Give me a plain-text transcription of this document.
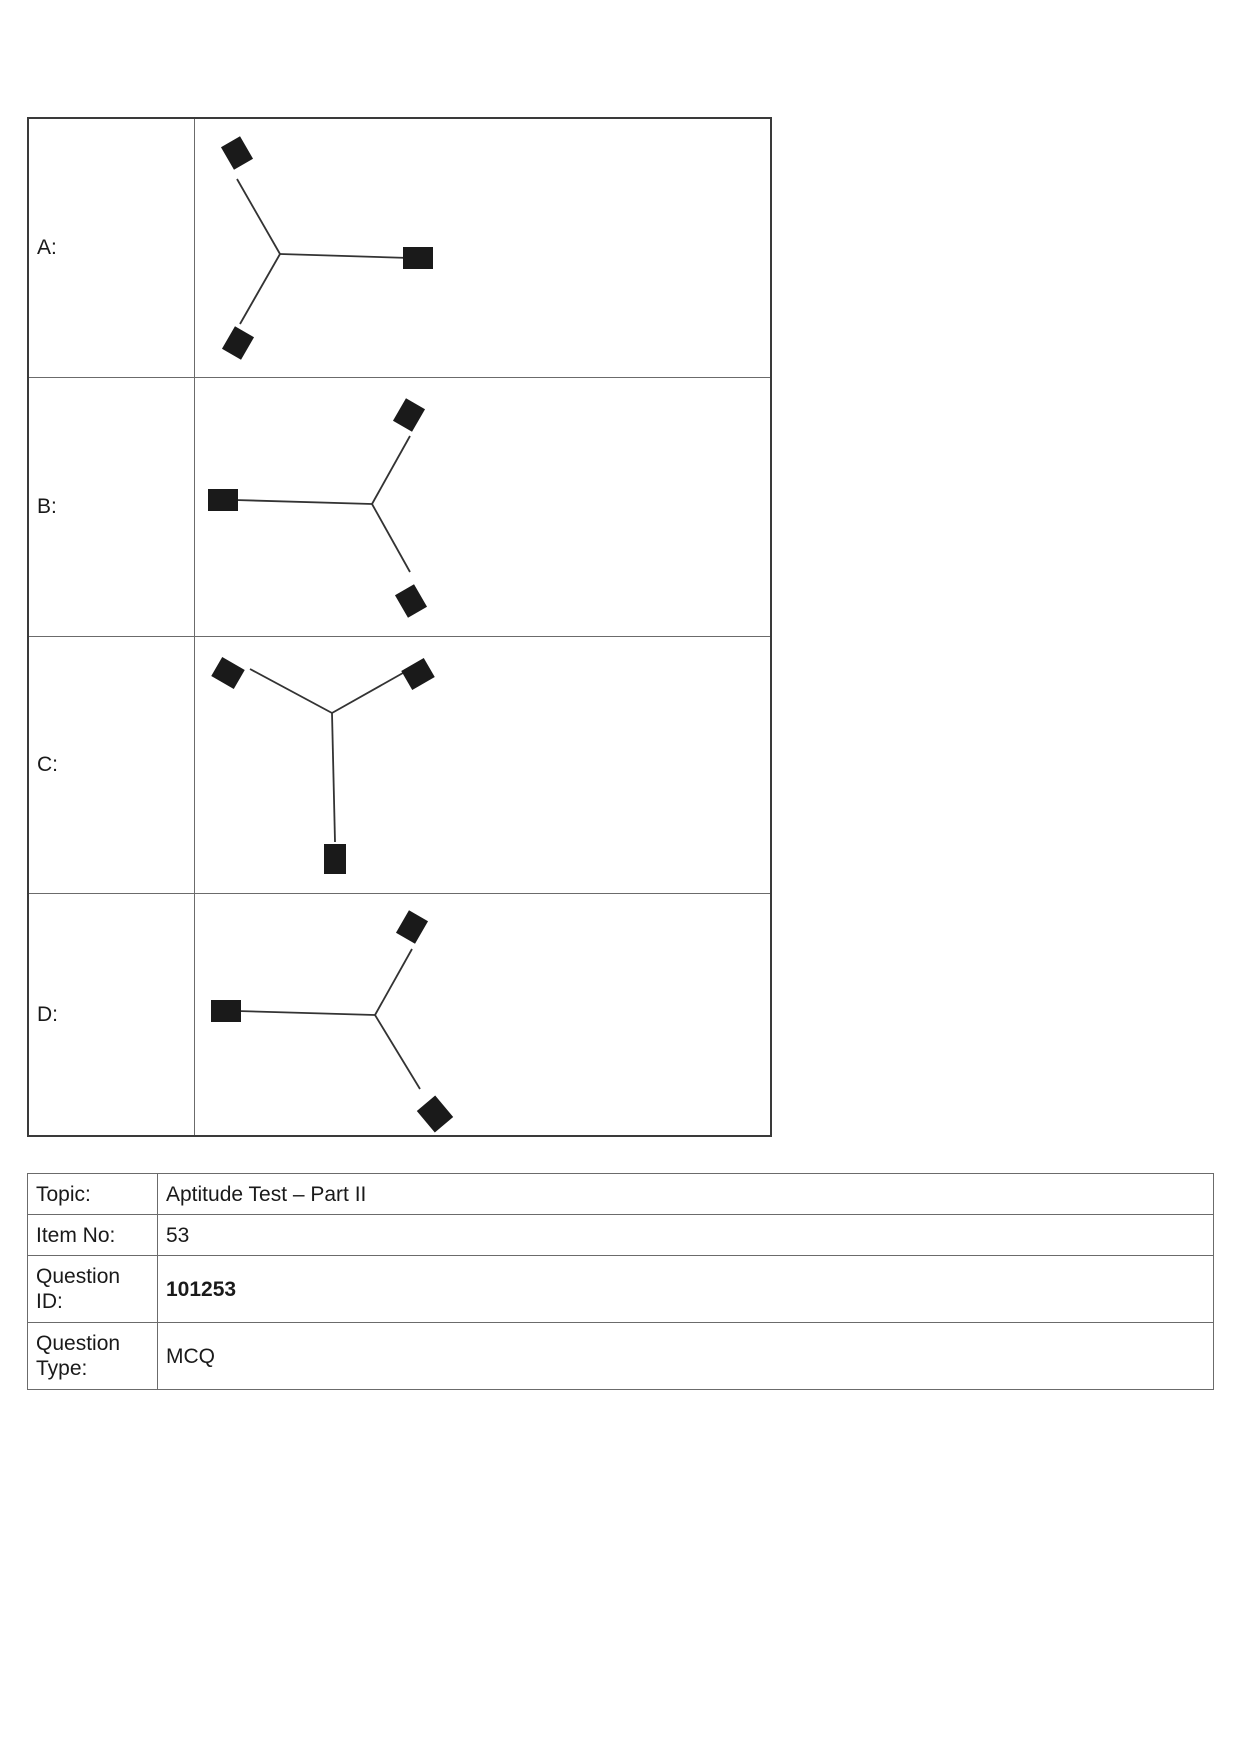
A:	

B:	

C:	

D:	
Topic:	Aptitude Test – Part II
Item No:	53
Question ID:	101253
Question Type:	MCQ
